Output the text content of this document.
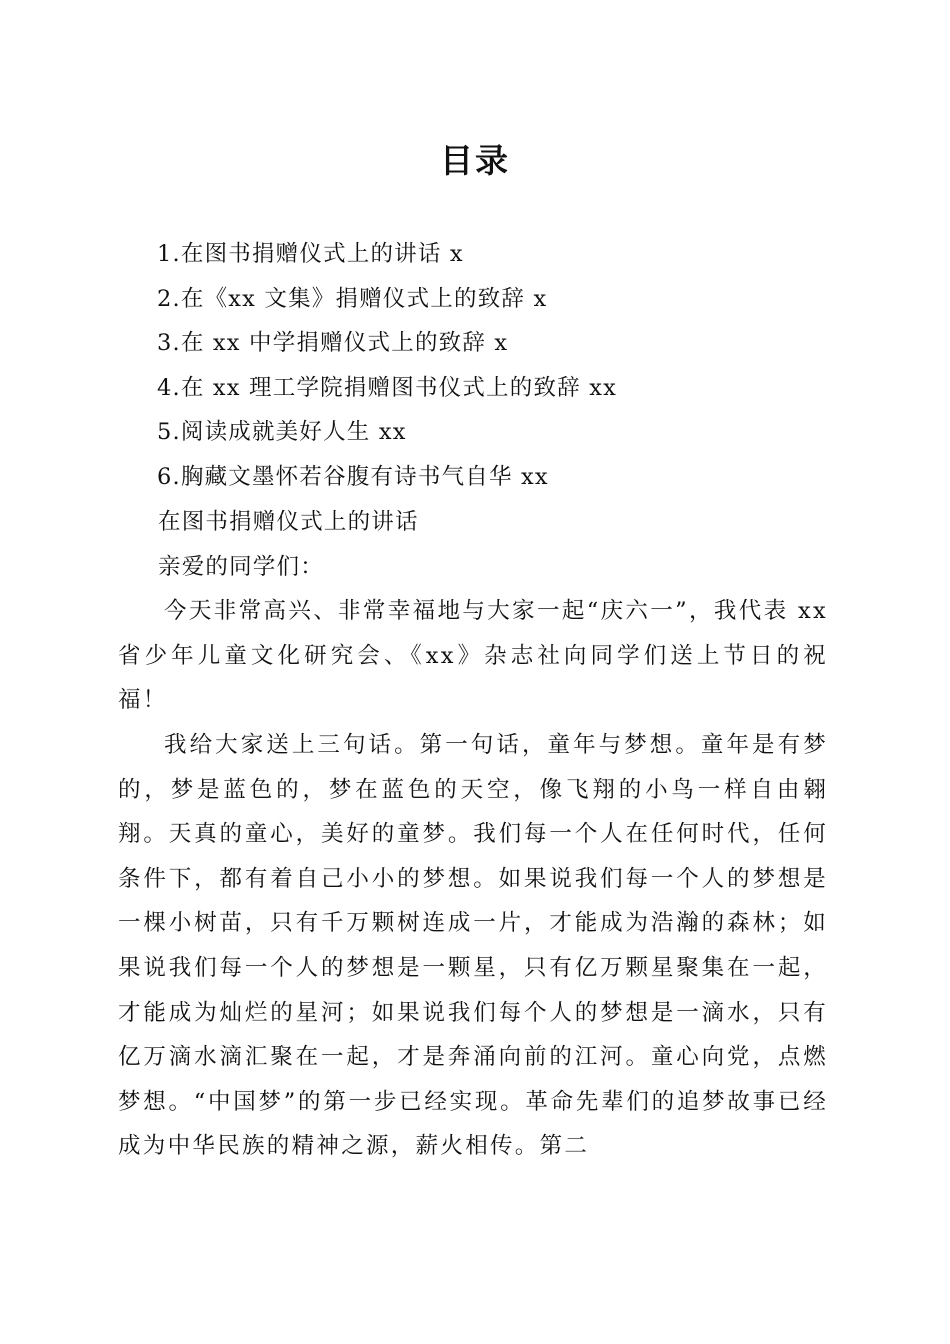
目录
1.在图书捐赠仪式上的讲话 x
2.在《xx 文集》捐赠仪式上的致辞 x
3.在 xx 中学捐赠仪式上的致辞 x
4.在 xx 理工学院捐赠图书仪式上的致辞 xx
5.阅读成就美好人生 xx
6.胸藏文墨怀若谷腹有诗书气自华 xx
在图书捐赠仪式上的讲话
亲爱的同学们：

今天非常高兴、非常幸福地与大家一起“庆六一”，我代表 xx 省少年儿童文化研究会、《xx》杂志社向同学们送上节日的祝福！

我给大家送上三句话。第一句话，童年与梦想。童年是有梦的，梦是蓝色的，梦在蓝色的天空，像飞翔的小鸟一样自由翱翔。天真的童心，美好的童梦。我们每一个人在任何时代，任何条件下，都有着自己小小的梦想。如果说我们每一个人的梦想是一棵小树苗，只有千万颗树连成一片，才能成为浩瀚的森林；如果说我们每一个人的梦想是一颗星，只有亿万颗星聚集在一起，才能成为灿烂的星河；如果说我们每个人的梦想是一滴水，只有亿万滴水滴汇聚在一起，才是奔涌向前的江河。童心向党，点燃梦想。“中国梦”的第一步已经实现。革命先辈们的追梦故事已经成为中华民族的精神之源，薪火相传。第二
